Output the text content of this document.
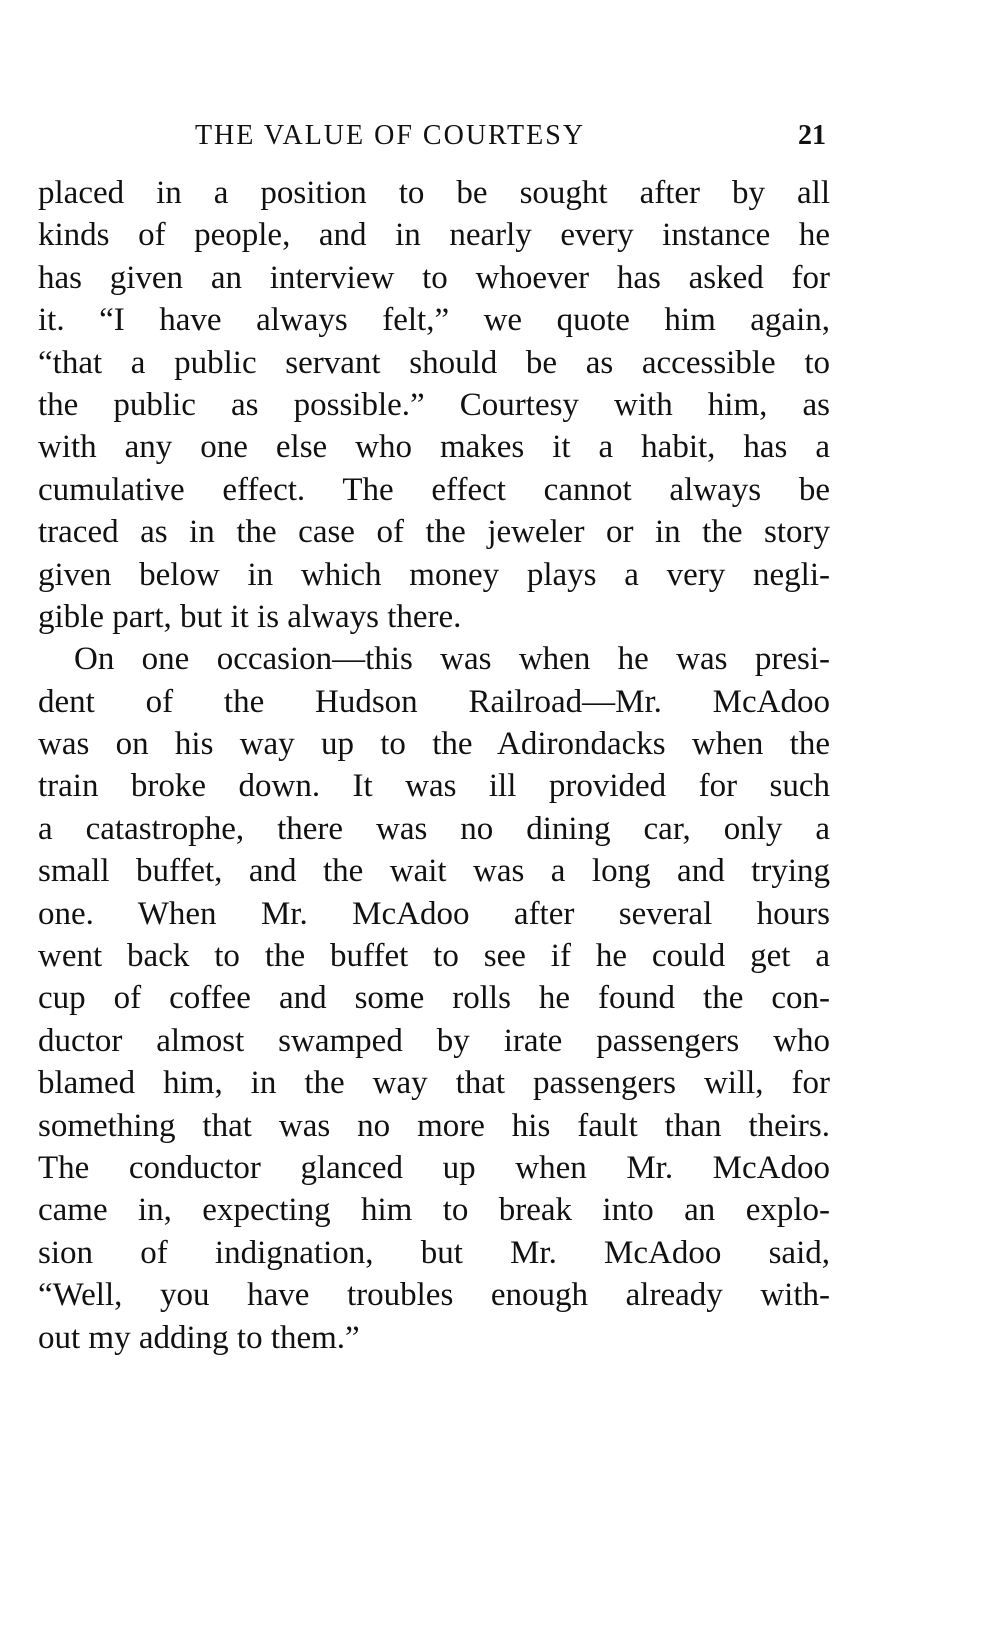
THE VALUE OF COURTESY	21
placed in a position to be sought after by all
kinds of people, and in nearly every instance he
has given an interview to whoever has asked for
it. “I have always felt,” we quote him again,
“that a public servant should be as accessible to
the public as possible.” Courtesy with him, as
with any one else who makes it a habit, has a
cumulative effect. The effect cannot always be
traced as in the case of the jeweler or in the story
given below in which money plays a very negli-
gible part, but it is always there.
On one occasion—this was when he was presi-
dent of the Hudson Railroad—Mr. McAdoo
was on his way up to the Adirondacks when the
train broke down. It was ill provided for such
a catastrophe, there was no dining car, only a
small buffet, and the wait was a long and trying
one. When Mr. McAdoo after several hours
went back to the buffet to see if he could get a
cup of coffee and some rolls he found the con-
ductor almost swamped by irate passengers who
blamed him, in the way that passengers will, for
something that was no more his fault than theirs.
The conductor glanced up when Mr. McAdoo
came in, expecting him to break into an explo-
sion of indignation, but Mr. McAdoo said,
“Well, you have troubles enough already with-
out my adding to them.”
